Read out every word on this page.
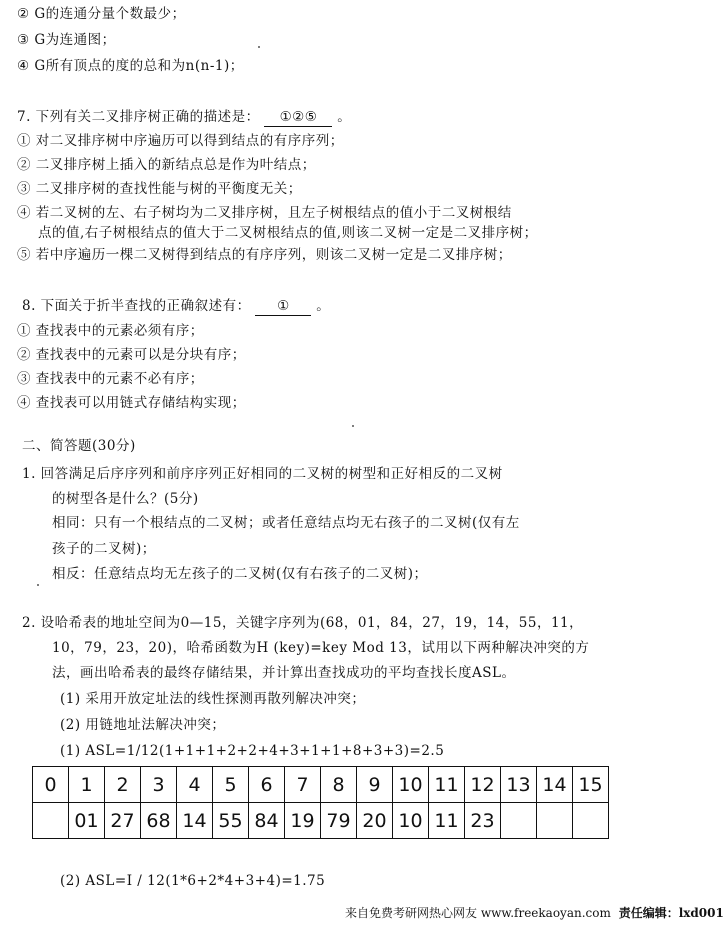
② G的连通分量个数最少；
③ G为连通图；
④ G所有顶点的度的总和为n(n-1)；
7. 下列有关二叉排序树正确的描述是： ①②⑤ 。
① 对二叉排序树中序遍历可以得到结点的有序序列；
② 二叉排序树上插入的新结点总是作为叶结点；
③ 二叉排序树的查找性能与树的平衡度无关；
④ 若二叉树的左、右子树均为二叉排序树，且左子树根结点的值小于二叉树根结
点的值,右子树根结点的值大于二叉树根结点的值,则该二叉树一定是二叉排序树；
⑤ 若中序遍历一棵二叉树得到结点的有序序列，则该二叉树一定是二叉排序树；
8. 下面关于折半查找的正确叙述有： ① 。
① 查找表中的元素必须有序；
② 查找表中的元素可以是分块有序；
③ 查找表中的元素不必有序；
④ 查找表可以用链式存储结构实现；
二、简答题(30分)
1. 回答满足后序序列和前序序列正好相同的二叉树的树型和正好相反的二叉树
的树型各是什么？(5分)
相同：只有一个根结点的二叉树；或者任意结点均无右孩子的二叉树(仅有左
孩子的二叉树)；
相反：任意结点均无左孩子的二叉树(仅有右孩子的二叉树)；
2. 设哈希表的地址空间为0—15，关键字序列为(68，01，84，27，19，14，55，11，
10，79，23，20)，哈希函数为H (key)=key Mod 13，试用以下两种解决冲突的方
法，画出哈希表的最终存储结果，并计算出查找成功的平均查找长度ASL。
(1) 采用开放定址法的线性探测再散列解决冲突；
(2) 用链地址法解决冲突；
(1) ASL=1/12(1+1+1+2+2+4+3+1+1+8+3+3)=2.5
0	1	2	3	4	5	6	7	8	9	10	11	12	13	14	15
	01	27	68	14	55	84	19	79	20	10	11	23			
(2) ASL=I / 12(1*6+2*4+3+4)=1.75
来自免费考研网热心网友 www.freekaoyan.com 责任编辑：lxd001
